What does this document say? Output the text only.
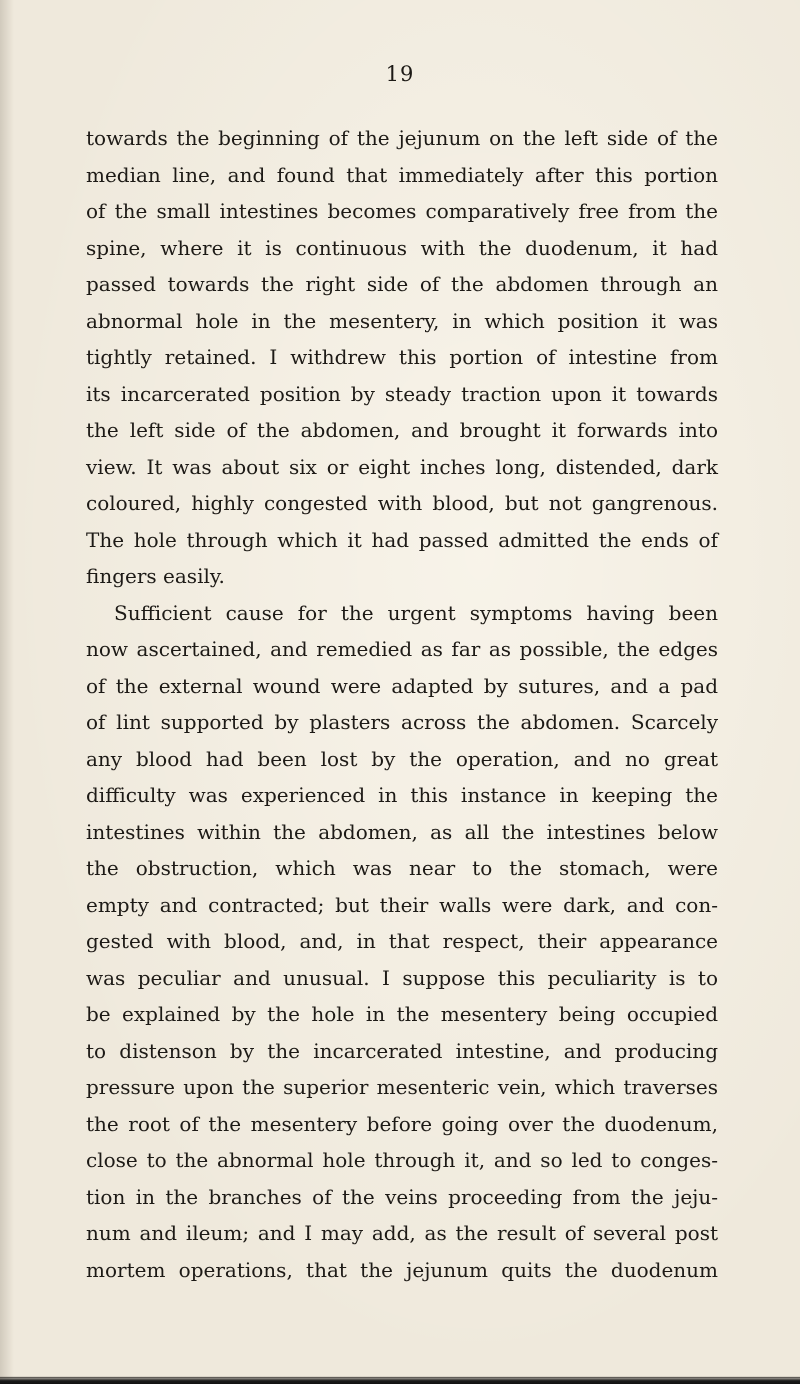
19
towards the beginning of the jejunum on the left side of the
median line, and found that immediately after this portion
of the small intestines becomes comparatively free from the
spine, where it is continuous with the duodenum, it had
passed towards the right side of the abdomen through an
abnormal hole in the mesentery, in which position it was
tightly retained. I withdrew this portion of intestine from
its incarcerated position by steady traction upon it towards
the left side of the abdomen, and brought it forwards into
view. It was about six or eight inches long, distended, dark
coloured, highly congested with blood, but not gangrenous.
The hole through which it had passed admitted the ends of
fingers easily.
Sufficient cause for the urgent symptoms having been
now ascertained, and remedied as far as possible, the edges
of the external wound were adapted by sutures, and a pad
of lint supported by plasters across the abdomen. Scarcely
any blood had been lost by the operation, and no great
difficulty was experienced in this instance in keeping the
intestines within the abdomen, as all the intestines below
the obstruction, which was near to the stomach, were
empty and contracted; but their walls were dark, and con-
gested with blood, and, in that respect, their appearance
was peculiar and unusual. I suppose this peculiarity is to
be explained by the hole in the mesentery being occupied
to distenson by the incarcerated intestine, and producing
pressure upon the superior mesenteric vein, which traverses
the root of the mesentery before going over the duodenum,
close to the abnormal hole through it, and so led to conges-
tion in the branches of the veins proceeding from the jeju-
num and ileum; and I may add, as the result of several post
mortem operations, that the jejunum quits the duodenum
